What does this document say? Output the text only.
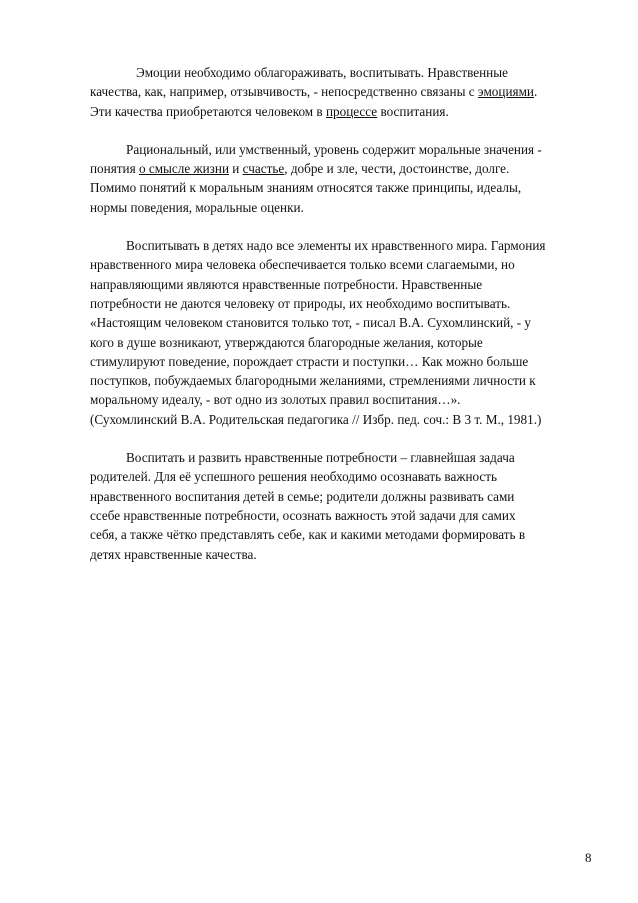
Эмоции необходимо облагораживать, воспитывать. Нравственные
качества, как, например, отзывчивость, - непосредственно связаны с эмоциями.
Эти качества приобретаются человеком в процессе воспитания.

Рациональный, или умственный, уровень содержит моральные значения -
понятия о смысле жизни и счастье, добре и зле, чести, достоинстве, долге.
Помимо понятий к моральным знаниям относятся также принципы, идеалы,
нормы поведения, моральные оценки.

Воспитывать в детях надо все элементы их нравственного мира. Гармония
нравственного мира человека обеспечивается только всеми слагаемыми, но
направляющими являются нравственные потребности. Нравственные
потребности не даются человеку от природы, их необходимо воспитывать.
«Настоящим человеком становится только тот, - писал В.А. Сухомлинский, - у
кого в душе возникают, утверждаются благородные желания, которые
стимулируют поведение, порождает страсти и поступки… Как можно больше
поступков, побуждаемых благородными желаниями, стремлениями личности к
моральному идеалу, - вот одно из золотых правил воспитания…».
(Сухомлинский В.А. Родительская педагогика // Избр. пед. соч.: В 3 т. М., 1981.)

Воспитать и развить нравственные потребности – главнейшая задача
родителей. Для её успешного решения необходимо осознавать важность
нравственного воспитания детей в семье; родители должны развивать сами
ссебе нравственные потребности, осознать важность этой задачи для самих
себя, а также чётко представлять себе, как и какими методами формировать в
детях нравственные качества.

8
